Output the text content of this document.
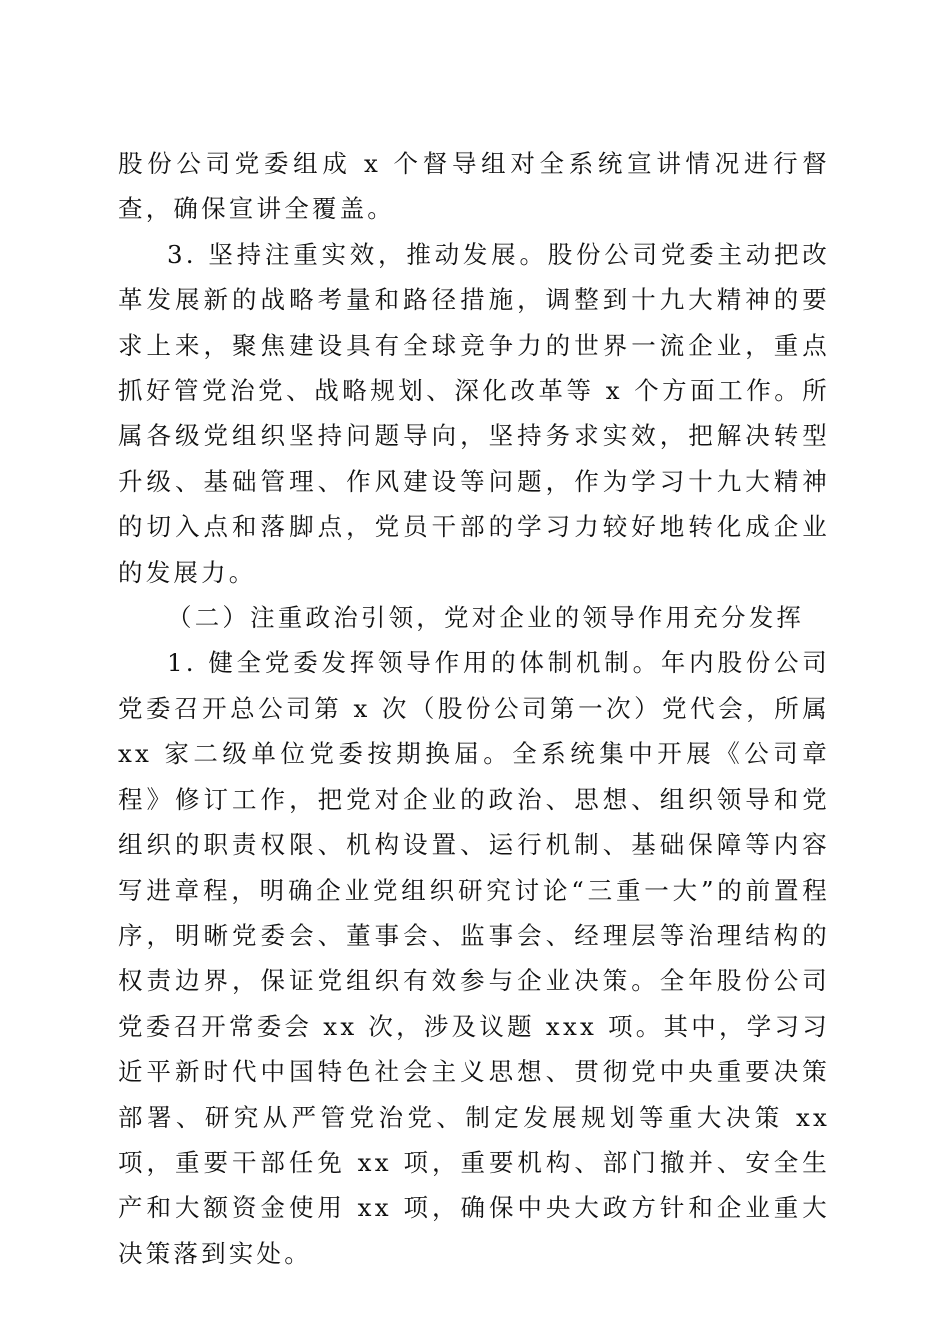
股份公司党委组成 x 个督导组对全系统宣讲情况进行督查，确保宣讲全覆盖。

3. 坚持注重实效，推动发展。股份公司党委主动把改革发展新的战略考量和路径措施，调整到十九大精神的要求上来，聚焦建设具有全球竞争力的世界一流企业，重点抓好管党治党、战略规划、深化改革等 x 个方面工作。所属各级党组织坚持问题导向，坚持务求实效，把解决转型升级、基础管理、作风建设等问题，作为学习十九大精神的切入点和落脚点，党员干部的学习力较好地转化成企业的发展力。

（二）注重政治引领，党对企业的领导作用充分发挥

1. 健全党委发挥领导作用的体制机制。年内股份公司党委召开总公司第 x 次（股份公司第一次）党代会，所属 xx 家二级单位党委按期换届。全系统集中开展《公司章程》修订工作，把党对企业的政治、思想、组织领导和党组织的职责权限、机构设置、运行机制、基础保障等内容写进章程，明确企业党组织研究讨论“三重一大”的前置程序，明晰党委会、董事会、监事会、经理层等治理结构的权责边界，保证党组织有效参与企业决策。全年股份公司党委召开常委会 xx 次，涉及议题 xxx 项。其中，学习习近平新时代中国特色社会主义思想、贯彻党中央重要决策部署、研究从严管党治党、制定发展规划等重大决策 xx 项，重要干部任免 xx 项，重要机构、部门撤并、安全生产和大额资金使用 xx 项，确保中央大政方针和企业重大决策落到实处。
